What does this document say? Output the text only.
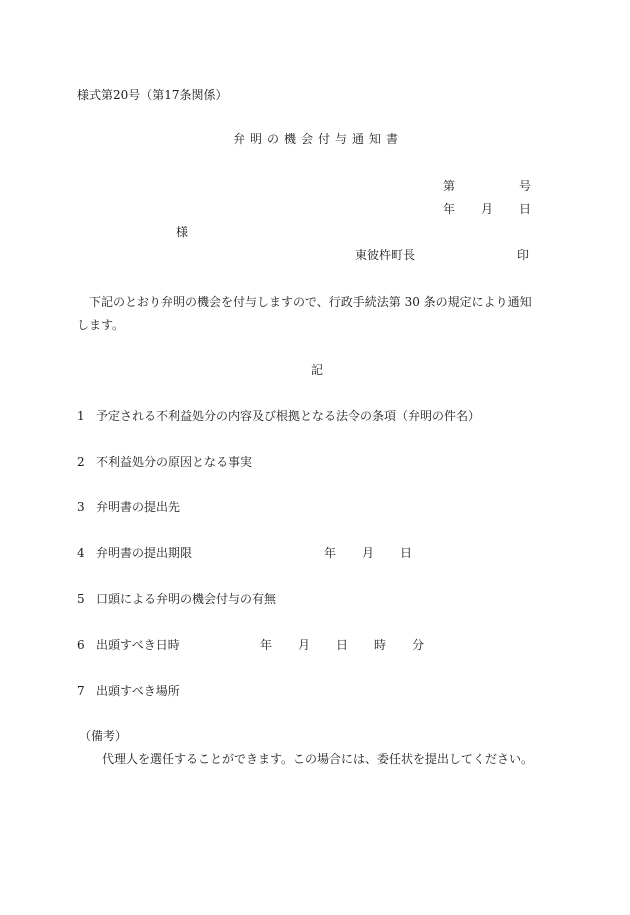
様式第20号（第17条関係）
弁明の機会付与通知書
第	号
年 月 日
様
東彼杵町長	印
下記のとおり弁明の機会を付与しますので、行政手続法第 30 条の規定により通知
します。
記
1 予定される不利益処分の内容及び根拠となる法令の条項（弁明の件名）
2 不利益処分の原因となる事実
3 弁明書の提出先
4 弁明書の提出期限	年 月 日
5 口頭による弁明の機会付与の有無
6 出頭すべき日時	年 月 日 時 分
7 出頭すべき場所
（備考）
代理人を選任することができます。この場合には、委任状を提出してください。
